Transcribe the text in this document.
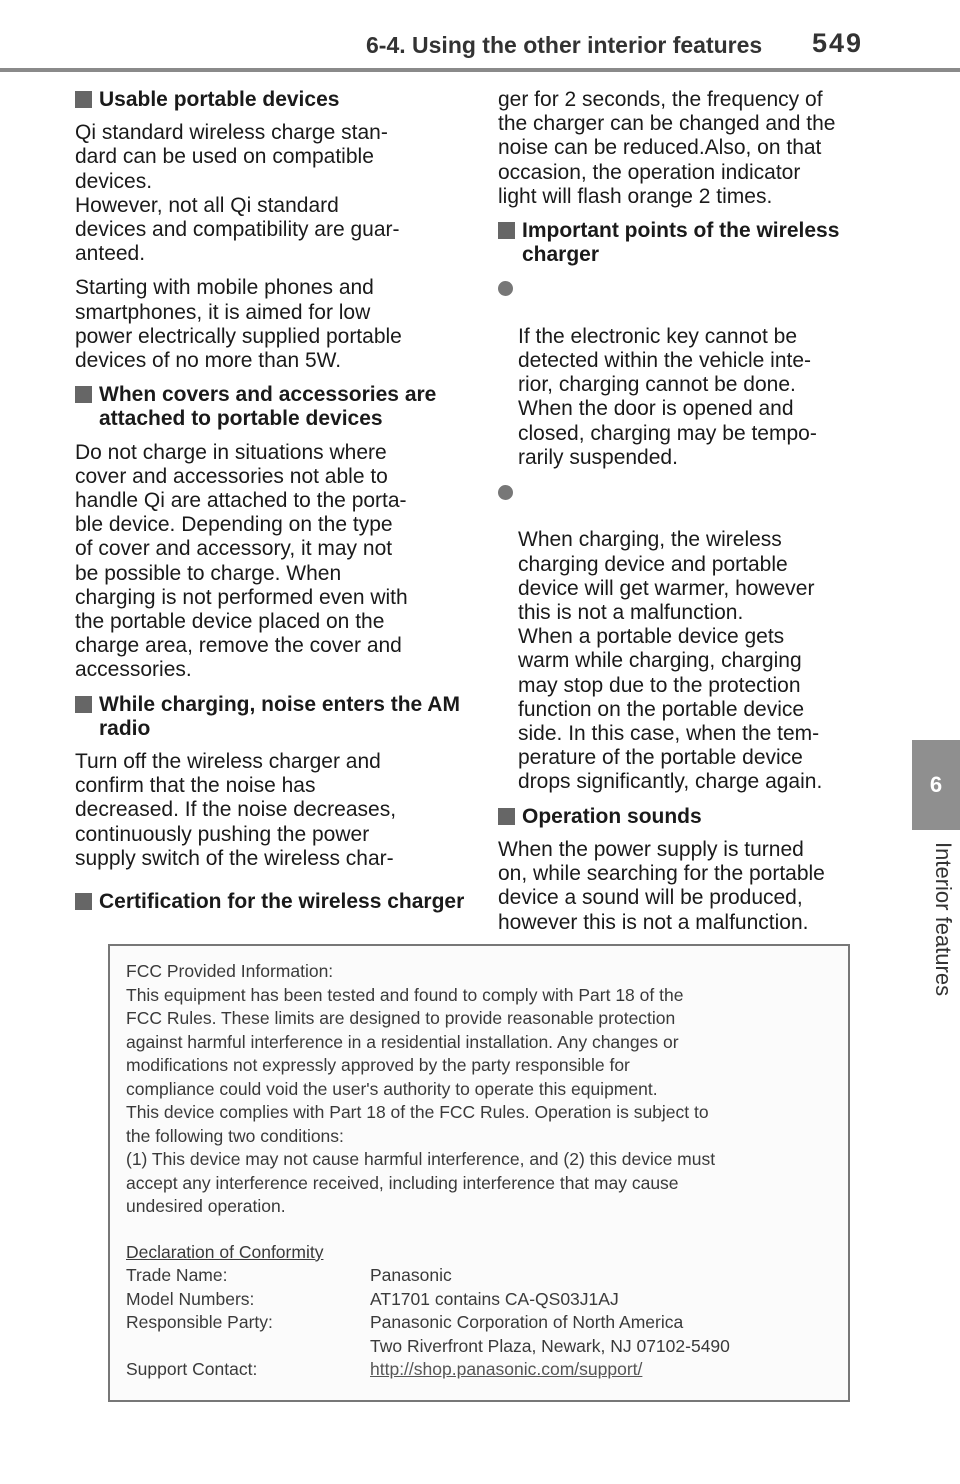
6-4. Using the other interior features 549
6
Interior features
Usable portable devices
Qi standard wireless charge stan-
dard can be used on compatible
devices.
However, not all Qi standard
devices and compatibility are guar-
anteed.
Starting with mobile phones and
smartphones, it is aimed for low
power electrically supplied portable
devices of no more than 5W.
When covers and accessories are attached to portable devices
Do not charge in situations where
cover and accessories not able to
handle Qi are attached to the porta-
ble device. Depending on the type
of cover and accessory, it may not
be possible to charge. When
charging is not performed even with
the portable device placed on the
charge area, remove the cover and
accessories.
While charging, noise enters the AM radio
Turn off the wireless charger and
confirm that the noise has
decreased. If the noise decreases,
continuously pushing the power
supply switch of the wireless char-
ger for 2 seconds, the frequency of
the charger can be changed and the
noise can be reduced.Also, on that
occasion, the operation indicator
light will flash orange 2 times.
Important points of the wireless charger

If the electronic key cannot be
detected within the vehicle inte-
rior, charging cannot be done.
When the door is opened and
closed, charging may be tempo-
rarily suspended.

When charging, the wireless
charging device and portable
device will get warmer, however
this is not a malfunction.
When a portable device gets
warm while charging, charging
may stop due to the protection
function on the portable device
side. In this case, when the tem-
perature of the portable device
drops significantly, charge again.

Operation sounds
When the power supply is turned
on, while searching for the portable
device a sound will be produced,
however this is not a malfunction.
Certification for the wireless charger
FCC Provided Information:
This equipment has been tested and found to comply with Part 18 of the
FCC Rules. These limits are designed to provide reasonable protection
against harmful interference in a residential installation. Any changes or
modifications not expressly approved by the party responsible for
compliance could void the user's authority to operate this equipment.
This device complies with Part 18 of the FCC Rules. Operation is subject to
the following two conditions:
(1) This device may not cause harmful interference, and (2) this device must
accept any interference received, including interference that may cause
undesired operation.
Declaration of Conformity
Trade Name:	Panasonic
Model Numbers:	AT1701 contains CA-QS03J1AJ
Responsible Party:	Panasonic Corporation of North America
Two Riverfront Plaza, Newark, NJ 07102-5490
Support Contact:	http://shop.panasonic.com/support/
